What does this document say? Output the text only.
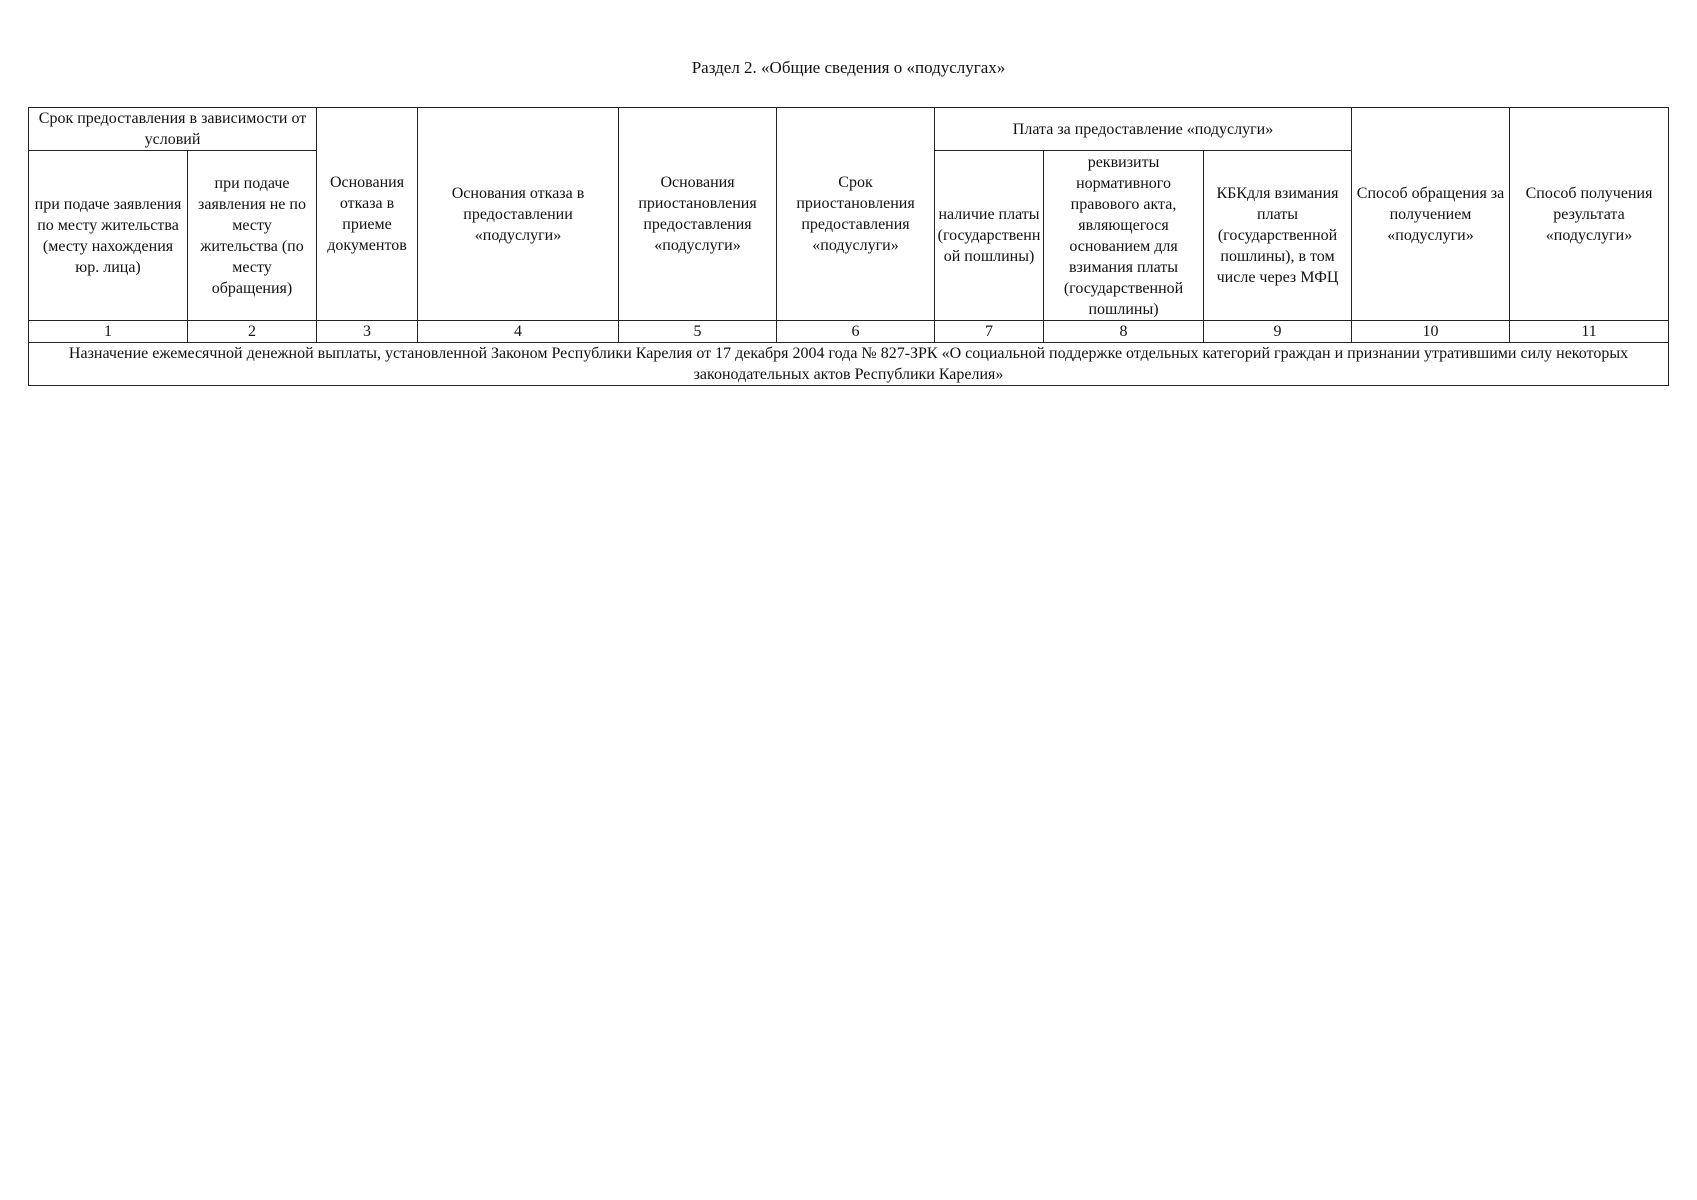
Раздел 2. «Общие сведения о «подуслугах»
Срок предоставления в зависимости от условий		Основания отказа в приеме документов	Основания отказа в предоставлении «подуслуги»	Основания приостановления предоставления «подуслуги»	Срок приостановления предоставления «подуслуги»	Плата за предоставление «подуслуги»			Способ обращения за получением «подуслуги»	Способ получения результата «подуслуги»
при подаче заявления по месту жительства (месту нахождения юр. лица)	при подаче заявления не по месту жительства (по месту обращения)					наличие платы (государственной пошлины)	реквизиты нормативного правового акта, являющегося основанием для взимания платы (государственной пошлины)	КБКдля взимания платы (государственной пошлины), в том числе через МФЦ		
1	2	3	4	5	6	7	8	9	10	11
Назначение ежемесячной денежной выплаты, установленной Законом Республики Карелия от 17 декабря 2004 года № 827-ЗРК «О социальной поддержке отдельных категорий граждан и признании утратившими силу некоторых законодательных актов Республики Карелия»										
